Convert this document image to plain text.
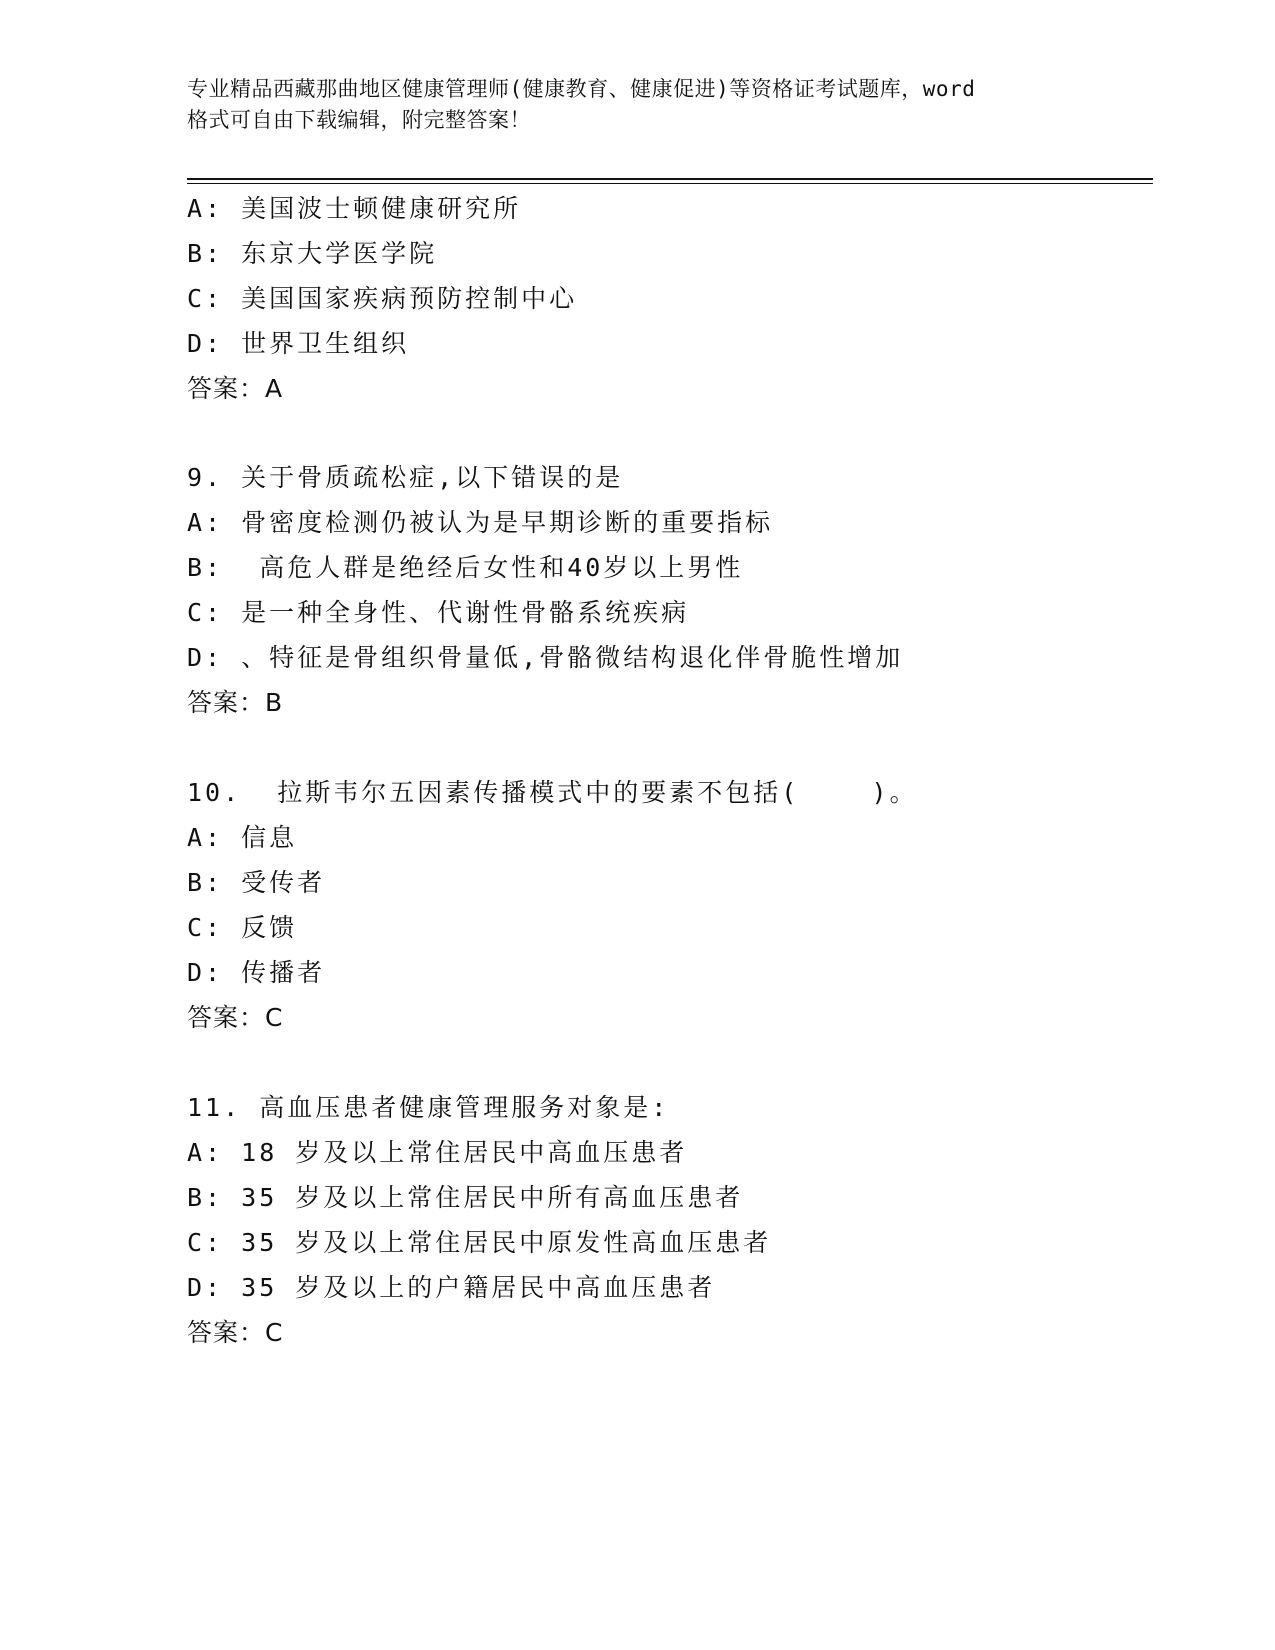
专业精品西藏那曲地区健康管理师(健康教育、健康促进)等资格证考试题库，word
格式可自由下载编辑，附完整答案！
A: 美国波士顿健康研究所
B: 东京大学医学院
C: 美国国家疾病预防控制中心
D: 世界卫生组织
答案：A
9. 关于骨质疏松症,以下错误的是
A: 骨密度检测仍被认为是早期诊断的重要指标
B:  高危人群是绝经后女性和40岁以上男性
C: 是一种全身性、代谢性骨骼系统疾病
D: 、特征是骨组织骨量低,骨骼微结构退化伴骨脆性增加
答案：B
10.  拉斯韦尔五因素传播模式中的要素不包括(    )。
A: 信息
B: 受传者
C: 反馈
D: 传播者
答案：C
11. 高血压患者健康管理服务对象是:
A: 18 岁及以上常住居民中高血压患者
B: 35 岁及以上常住居民中所有高血压患者
C: 35 岁及以上常住居民中原发性高血压患者
D: 35 岁及以上的户籍居民中高血压患者
答案：C
